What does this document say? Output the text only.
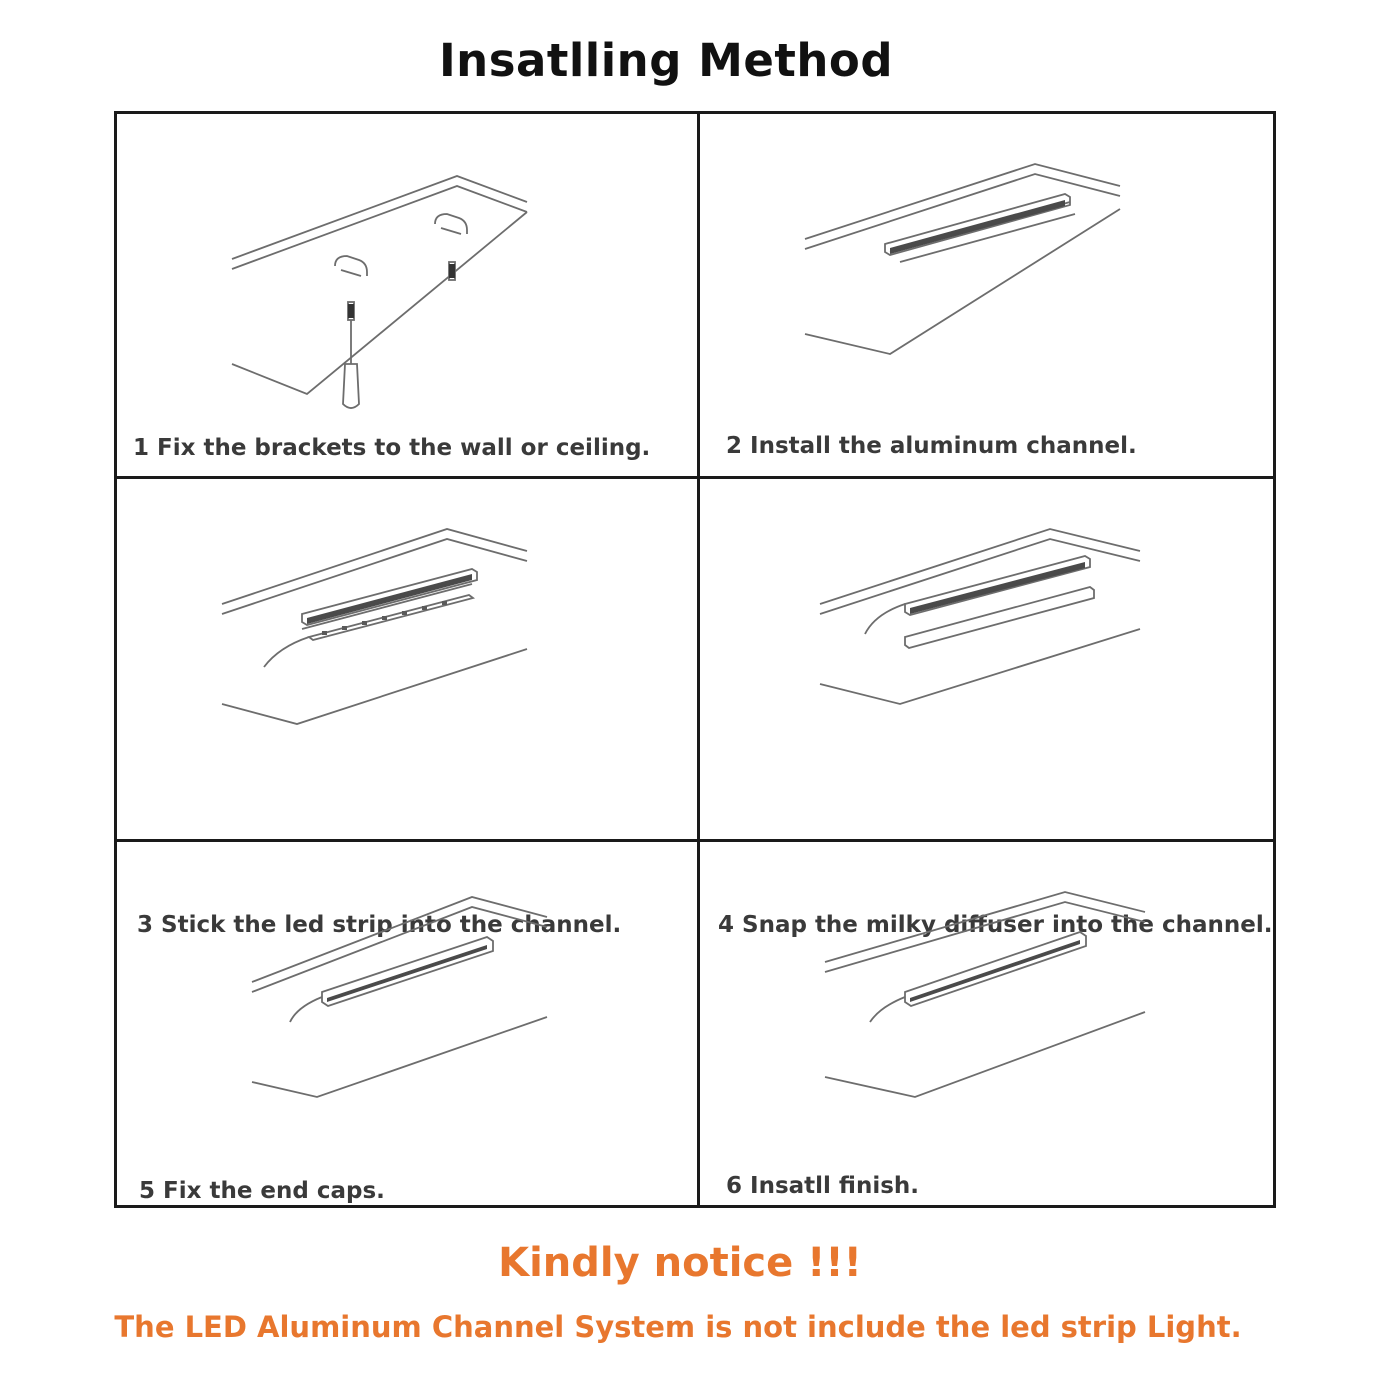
Insatlling Method
1 Fix the brackets to the wall or ceiling.	2 Install the aluminum channel.
3 Stick the led strip into the channel.	4 Snap the milky diffuser into the channel.
5 Fix the end caps.	6 Insatll finish.
Kindly notice !!!
The LED Aluminum Channel System is not include the led strip Light.
